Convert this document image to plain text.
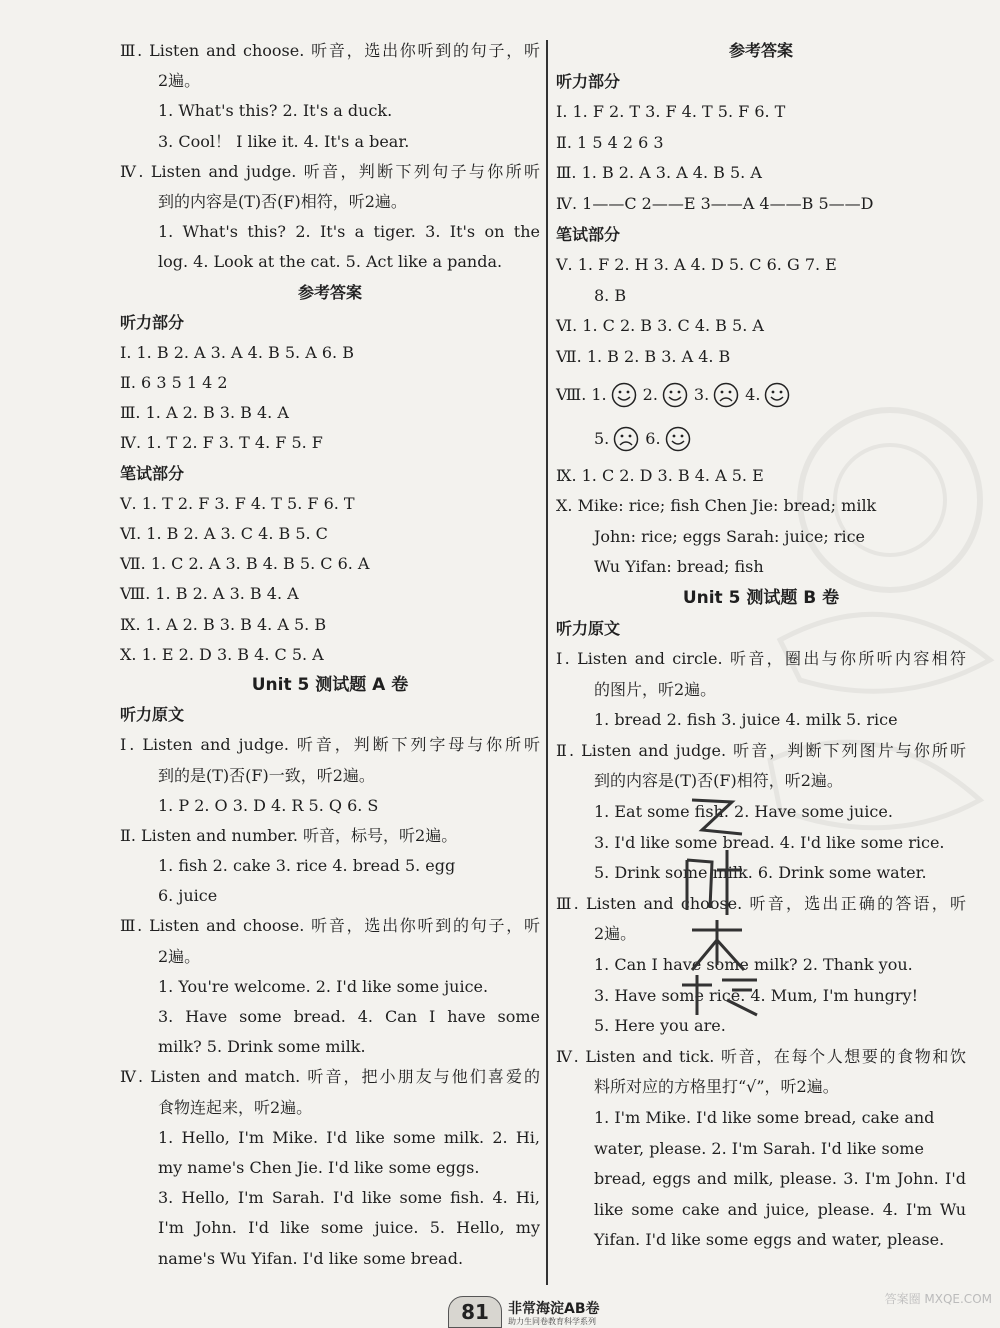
Ⅲ. Listen and choose. 听音，选出你听到的句子，听
2遍。
1. What's this? 2. It's a duck.
3. Cool！ I like it. 4. It's a bear.
Ⅳ. Listen and judge. 听音，判断下列句子与你所听
到的内容是(T)否(F)相符，听2遍。
1. What's this? 2. It's a tiger. 3. It's on the
log. 4. Look at the cat. 5. Act like a panda.
参考答案
听力部分
Ⅰ. 1. B 2. A 3. A 4. B 5. A 6. B
Ⅱ. 6 3 5 1 4 2
Ⅲ. 1. A 2. B 3. B 4. A
Ⅳ. 1. T 2. F 3. T 4. F 5. F
笔试部分
Ⅴ. 1. T 2. F 3. F 4. T 5. F 6. T
Ⅵ. 1. B 2. A 3. C 4. B 5. C
Ⅶ. 1. C 2. A 3. B 4. B 5. C 6. A
Ⅷ. 1. B 2. A 3. B 4. A
Ⅸ. 1. A 2. B 3. B 4. A 5. B
Ⅹ. 1. E 2. D 3. B 4. C 5. A
Unit 5 测试题 A 卷
听力原文
Ⅰ. Listen and judge. 听音，判断下列字母与你所听
到的是(T)否(F)一致，听2遍。
1. P 2. O 3. D 4. R 5. Q 6. S
Ⅱ. Listen and number. 听音，标号，听2遍。
1. fish 2. cake 3. rice 4. bread 5. egg
6. juice
Ⅲ. Listen and choose. 听音，选出你听到的句子，听
2遍。
1. You're welcome. 2. I'd like some juice.
3. Have some bread. 4. Can I have some
milk? 5. Drink some milk.
Ⅳ. Listen and match. 听音，把小朋友与他们喜爱的
食物连起来，听2遍。
1. Hello, I'm Mike. I'd like some milk. 2. Hi,
my name's Chen Jie. I'd like some eggs.
3. Hello, I'm Sarah. I'd like some fish. 4. Hi,
I'm John. I'd like some juice. 5. Hello, my
name's Wu Yifan. I'd like some bread.
参考答案
听力部分
Ⅰ. 1. F 2. T 3. F 4. T 5. F 6. T
Ⅱ. 1 5 4 2 6 3
Ⅲ. 1. B 2. A 3. A 4. B 5. A
Ⅳ. 1——C 2——E 3——A 4——B 5——D
笔试部分
Ⅴ. 1. F 2. H 3. A 4. D 5. C 6. G 7. E
8. B
Ⅵ. 1. C 2. B 3. C 4. B 5. A
Ⅶ. 1. B 2. B 3. A 4. B
Ⅷ. 1. 2. 3. 4.
5. 6.
Ⅸ. 1. C 2. D 3. B 4. A 5. E
Ⅹ. Mike: rice; fish Chen Jie: bread; milk
John: rice; eggs Sarah: juice; rice
Wu Yifan: bread; fish
Unit 5 测试题 B 卷
听力原文
Ⅰ. Listen and circle. 听音，圈出与你所听内容相符
的图片，听2遍。
1. bread 2. fish 3. juice 4. milk 5. rice
Ⅱ. Listen and judge. 听音，判断下列图片与你所听
到的内容是(T)否(F)相符，听2遍。
1. Eat some fish. 2. Have some juice.
3. I'd like some bread. 4. I'd like some rice.
5. Drink some milk. 6. Drink some water.
Ⅲ. Listen and choose. 听音，选出正确的答语，听
2遍。
1. Can I have some milk? 2. Thank you.
3. Have some rice. 4. Mum, I'm hungry!
5. Here you are.
Ⅳ. Listen and tick. 听音，在每个人想要的食物和饮
料所对应的方格里打“√”，听2遍。
1. I'm Mike. I'd like some bread, cake and
water, please. 2. I'm Sarah. I'd like some
bread, eggs and milk, please. 3. I'm John. I'd
like some cake and juice, please. 4. I'm Wu
Yifan. I'd like some eggs and water, please.
81	非常海淀AB卷
助力生同卷教育科学系列
答案圈 MXQE.COM
